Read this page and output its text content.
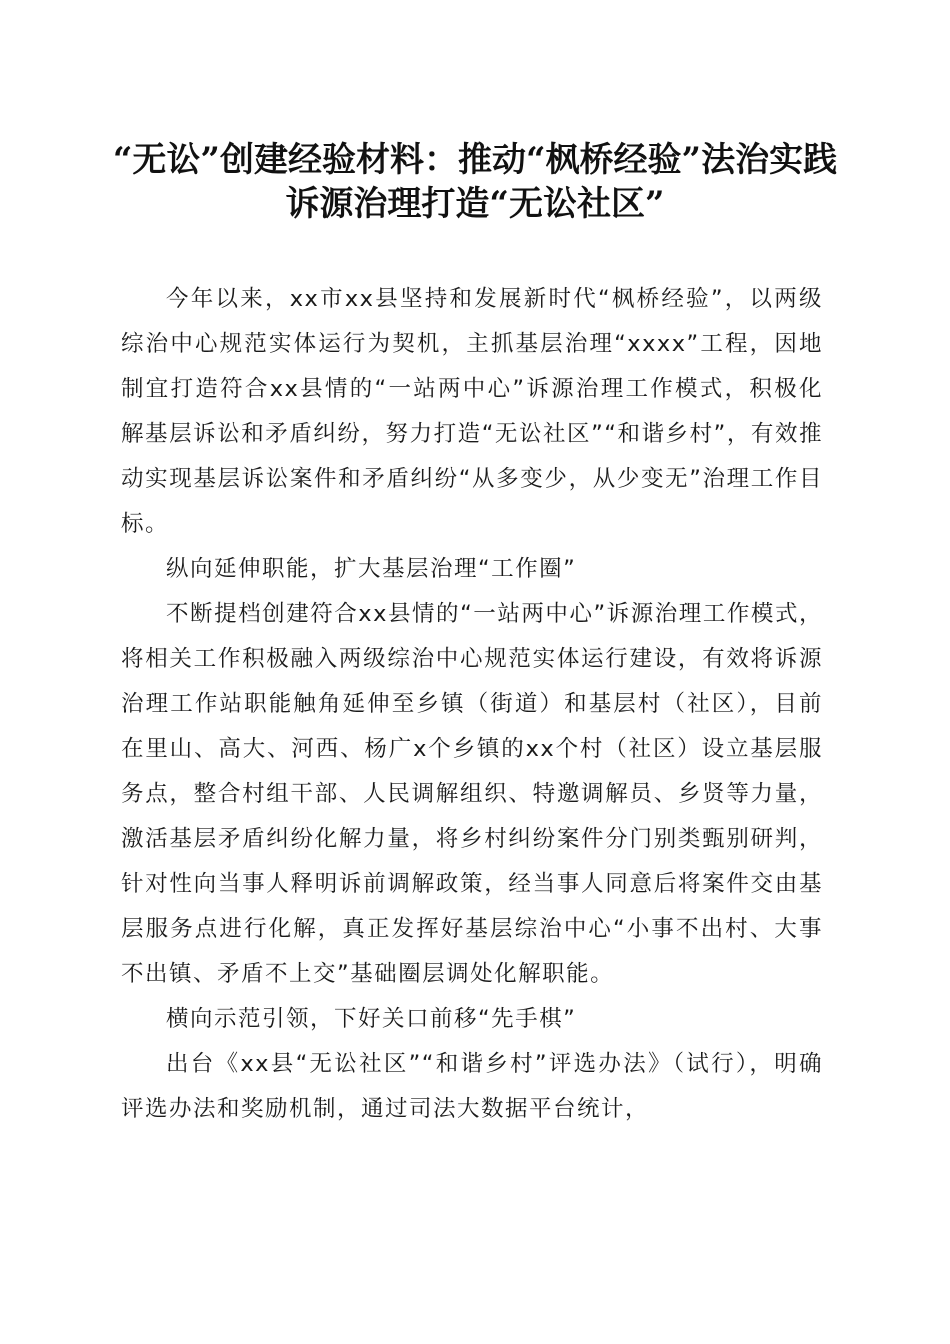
“无讼”创建经验材料：推动“枫桥经验”法治实践诉源治理打造“无讼社区”

今年以来，xx市xx县坚持和发展新时代“枫桥经验”，以两级综治中心规范实体运行为契机，主抓基层治理“xxxx”工程，因地制宜打造符合xx县情的“一站两中心”诉源治理工作模式，积极化解基层诉讼和矛盾纠纷，努力打造“无讼社区”“和谐乡村”，有效推动实现基层诉讼案件和矛盾纠纷“从多变少，从少变无”治理工作目标。

纵向延伸职能，扩大基层治理“工作圈”

不断提档创建符合xx县情的“一站两中心”诉源治理工作模式，将相关工作积极融入两级综治中心规范实体运行建设，有效将诉源治理工作站职能触角延伸至乡镇（街道）和基层村（社区），目前在里山、高大、河西、杨广x个乡镇的xx个村（社区）设立基层服务点，整合村组干部、人民调解组织、特邀调解员、乡贤等力量，激活基层矛盾纠纷化解力量，将乡村纠纷案件分门别类甄别研判，针对性向当事人释明诉前调解政策，经当事人同意后将案件交由基层服务点进行化解，真正发挥好基层综治中心“小事不出村、大事不出镇、矛盾不上交”基础圈层调处化解职能。

横向示范引领，下好关口前移“先手棋”

出台《xx县“无讼社区”“和谐乡村”评选办法》（试行），明确评选办法和奖励机制，通过司法大数据平台统计，
